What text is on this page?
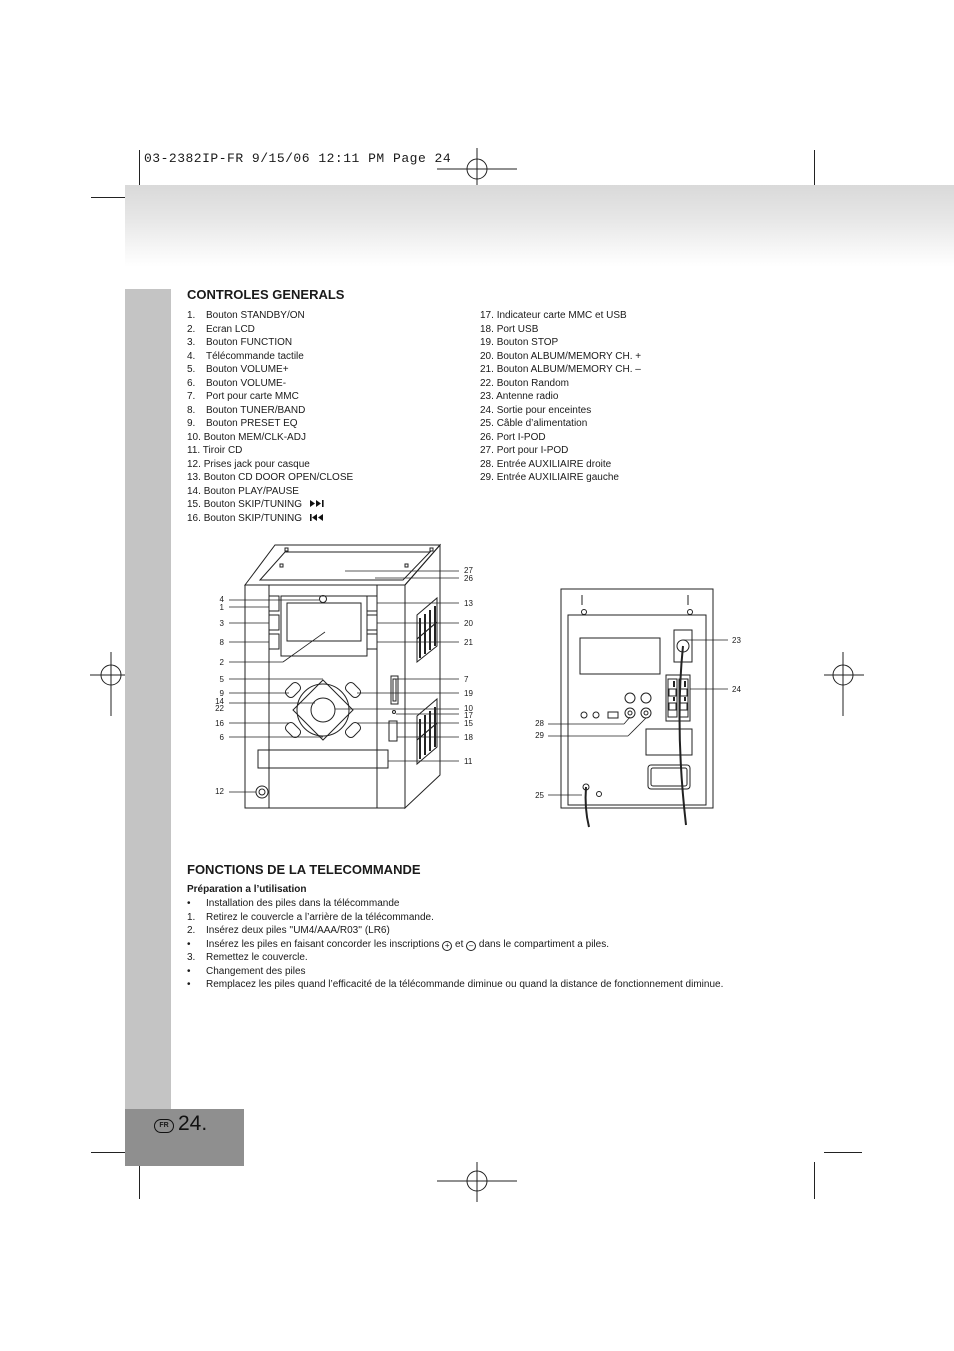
03-2382IP-FR 9/15/06 12:11 PM Page 24
FR 24.
CONTROLES GENERALS
1. Bouton STANDBY/ON
2. Ecran LCD
3. Bouton FUNCTION
4. Télécommande tactile
5. Bouton VOLUME+
6. Bouton VOLUME-
7. Port pour carte MMC
8. Bouton TUNER/BAND
9. Bouton PRESET EQ
10. Bouton MEM/CLK-ADJ
11. Tiroir CD
12. Prises jack pour casque
13. Bouton CD DOOR OPEN/CLOSE
14. Bouton PLAY/PAUSE
15. Bouton SKIP/TUNING
16. Bouton SKIP/TUNING
17. Indicateur carte MMC et USB
18. Port USB
19. Bouton STOP
20. Bouton ALBUM/MEMORY CH. +
21. Bouton ALBUM/MEMORY CH. –
22. Bouton Random
23. Antenne radio
24. Sortie pour enceintes
25. Câble d’alimentation
26. Port I-POD
27. Port pour I-POD
28. Entrée AUXILIAIRE droite
29. Entrée AUXILIAIRE gauche
4
1
3
8
2
5
9
14
22
16
6
12
27
26
13
20
21
7
19
10
17
15
18
11
23
24
28
29
25
FONCTIONS DE LA TELECOMMANDE
Préparation a l’utilisation
• Installation des piles dans la télécommande
1. Retirez le couvercle a l’arrière de la télécommande.
2. Insérez deux piles ''UM4/AAA/R03'' (LR6)
• Insérez les piles en faisant concorder les inscriptions + et – dans le compartiment a piles.
3. Remettez le couvercle.
• Changement des piles
• Remplacez les piles quand l’efficacité de la télécommande diminue ou quand la distance de fonctionnement diminue.
